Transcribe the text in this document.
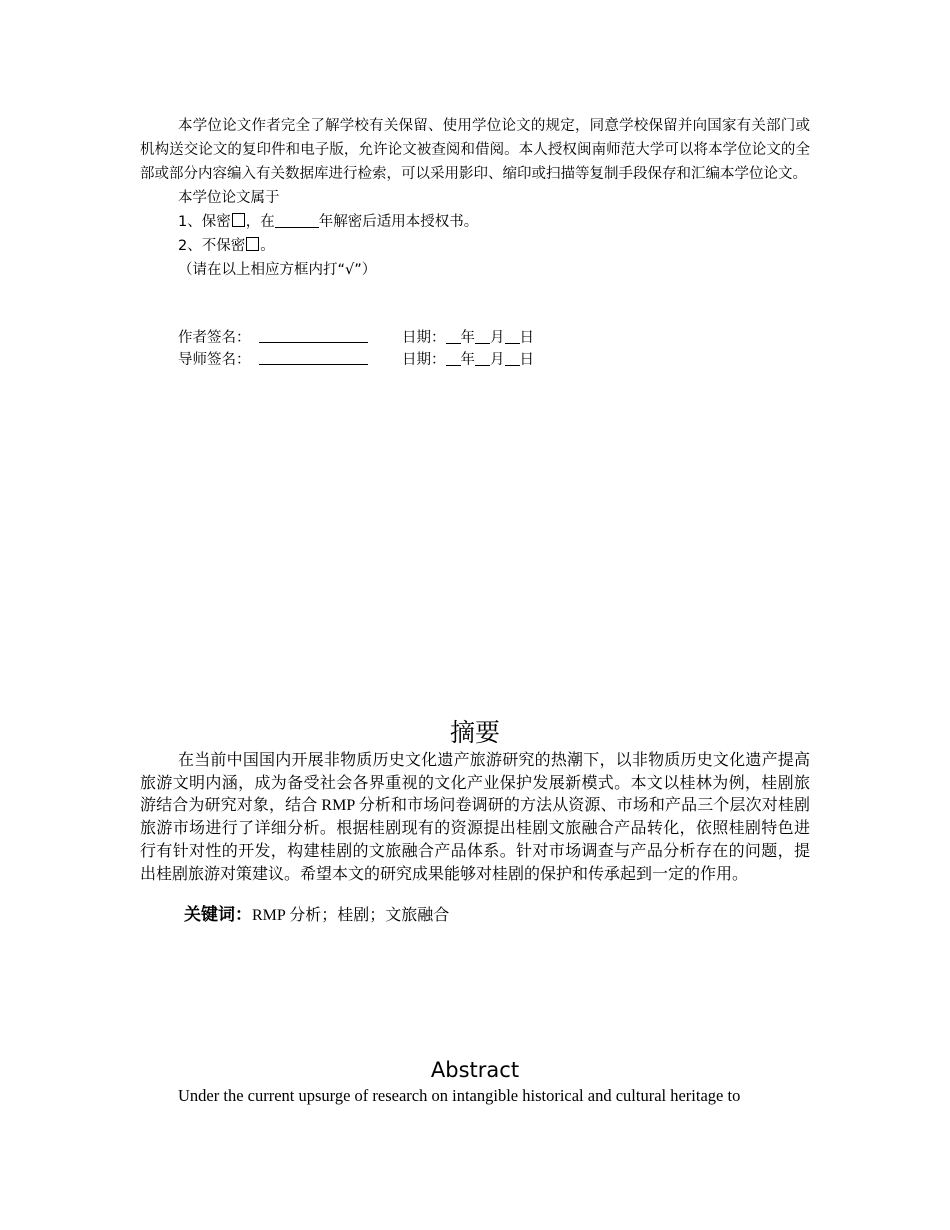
本学位论文作者完全了解学校有关保留、使用学位论文的规定，同意学校保留并向国家有关部门或机构送交论文的复印件和电子版，允许论文被查阅和借阅。本人授权闽南师范大学可以将本学位论文的全部或部分内容编入有关数据库进行检索，可以采用影印、缩印或扫描等复制手段保存和汇编本学位论文。

本学位论文属于

1、保密 ，在	年解密后适用本授权书。

2、不保密 。

（请在以上相应方框内打“√”）

作者签名：	日期： 年 月 日
导师签名：	日期： 年 月 日
摘要

在当前中国国内开展非物质历史文化遗产旅游研究的热潮下，以非物质历史文化遗产提高旅游文明内涵，成为备受社会各界重视的文化产业保护发展新模式。本文以桂林为例，桂剧旅游结合为研究对象，结合 RMP 分析和市场问卷调研的方法从资源、市场和产品三个层次对桂剧旅游市场进行了详细分析。根据桂剧现有的资源提出桂剧文旅融合产品转化，依照桂剧特色进行有针对性的开发，构建桂剧的文旅融合产品体系。针对市场调查与产品分析存在的问题，提出桂剧旅游对策建议。希望本文的研究成果能够对桂剧的保护和传承起到一定的作用。

关键词：RMP 分析；桂剧；文旅融合
Abstract

Under the current upsurge of research on intangible historical and cultural heritage to
